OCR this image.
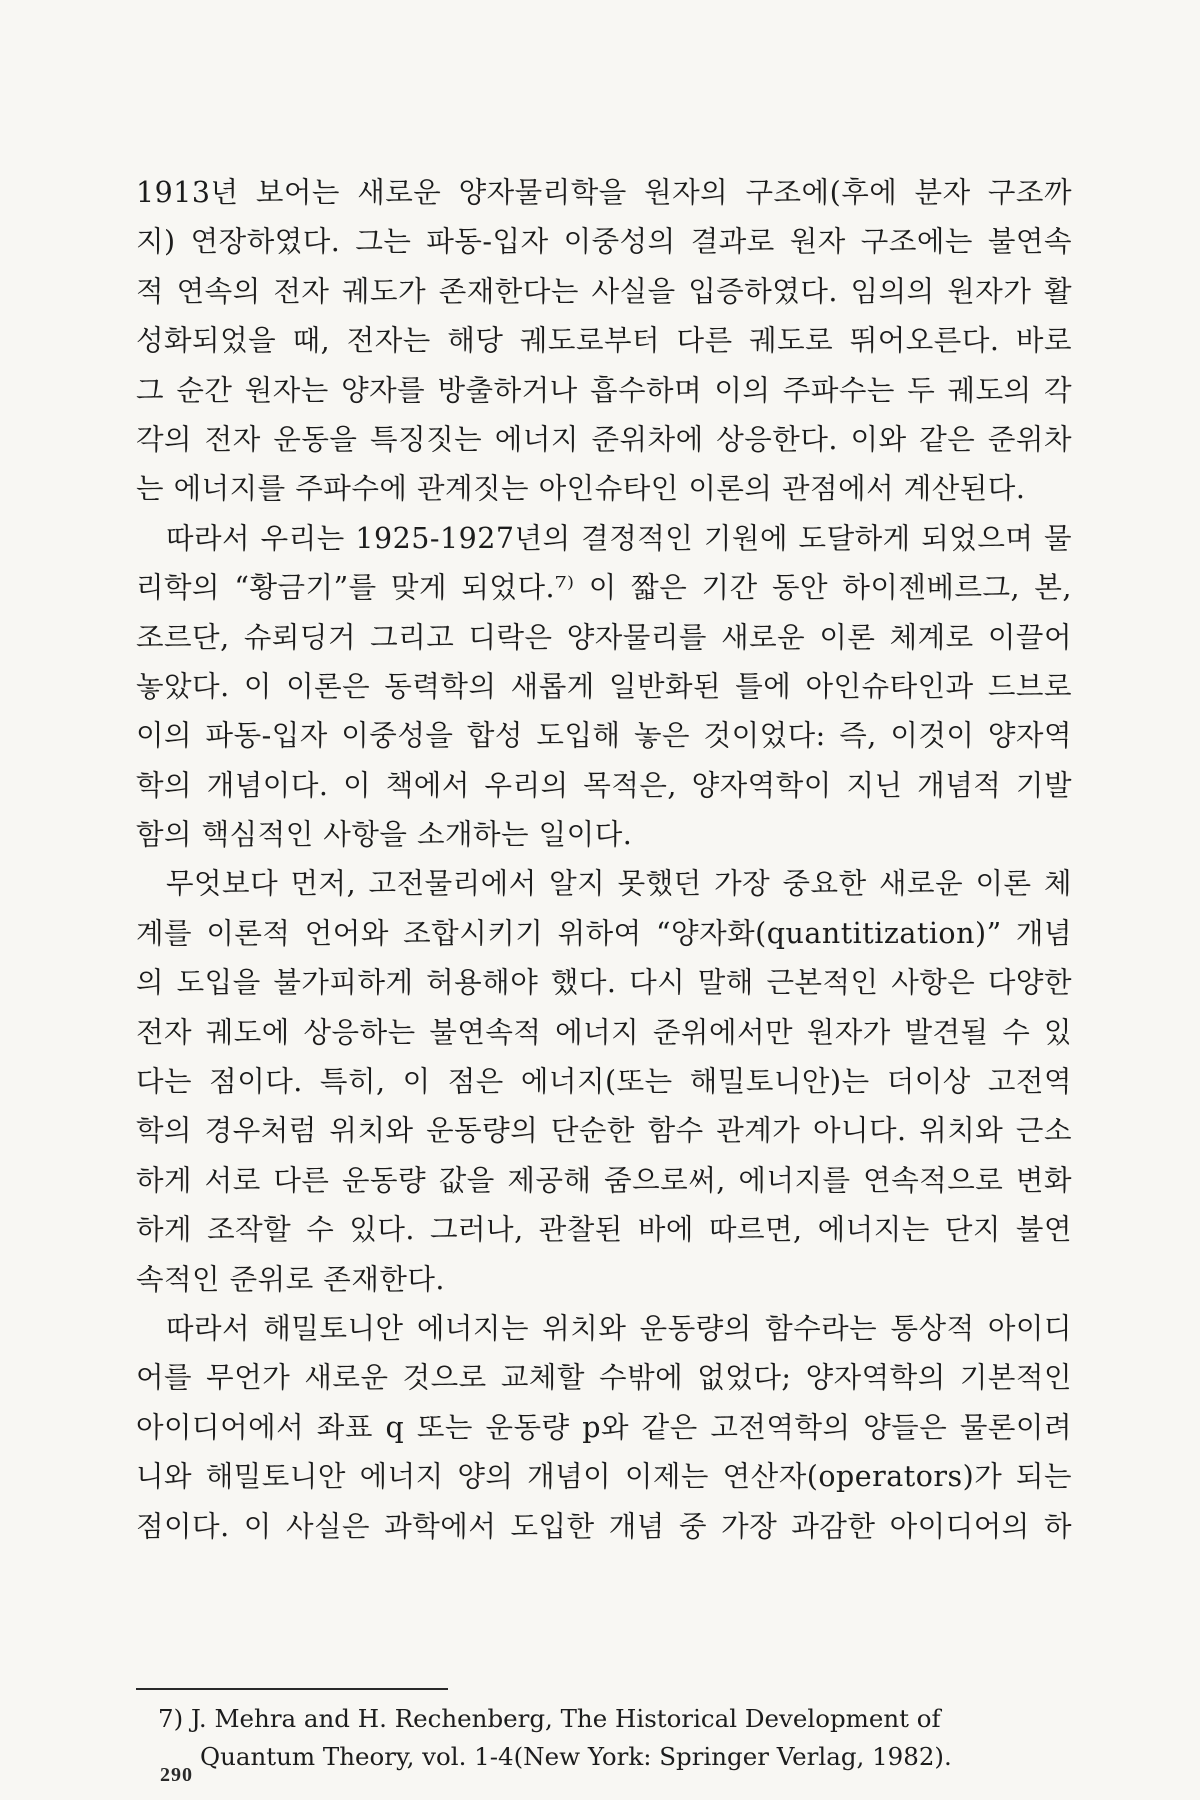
1913년 보어는 새로운 양자물리학을 원자의 구조에(후에 분자 구조까
지) 연장하였다. 그는 파동-입자 이중성의 결과로 원자 구조에는 불연속
적 연속의 전자 궤도가 존재한다는 사실을 입증하였다. 임의의 원자가 활
성화되었을 때, 전자는 해당 궤도로부터 다른 궤도로 뛰어오른다. 바로
그 순간 원자는 양자를 방출하거나 흡수하며 이의 주파수는 두 궤도의 각
각의 전자 운동을 특징짓는 에너지 준위차에 상응한다. 이와 같은 준위차
는 에너지를 주파수에 관계짓는 아인슈타인 이론의 관점에서 계산된다.
따라서 우리는 1925-1927년의 결정적인 기원에 도달하게 되었으며 물
리학의 “황금기”를 맞게 되었다.⁷⁾ 이 짧은 기간 동안 하이젠베르그, 본,
조르단, 슈뢰딩거 그리고 디락은 양자물리를 새로운 이론 체계로 이끌어
놓았다. 이 이론은 동력학의 새롭게 일반화된 틀에 아인슈타인과 드브로
이의 파동-입자 이중성을 합성 도입해 놓은 것이었다: 즉, 이것이 양자역
학의 개념이다. 이 책에서 우리의 목적은, 양자역학이 지닌 개념적 기발
함의 핵심적인 사항을 소개하는 일이다.
무엇보다 먼저, 고전물리에서 알지 못했던 가장 중요한 새로운 이론 체
계를 이론적 언어와 조합시키기 위하여 “양자화(quantitization)” 개념
의 도입을 불가피하게 허용해야 했다. 다시 말해 근본적인 사항은 다양한
전자 궤도에 상응하는 불연속적 에너지 준위에서만 원자가 발견될 수 있
다는 점이다. 특히, 이 점은 에너지(또는 해밀토니안)는 더이상 고전역
학의 경우처럼 위치와 운동량의 단순한 함수 관계가 아니다. 위치와 근소
하게 서로 다른 운동량 값을 제공해 줌으로써, 에너지를 연속적으로 변화
하게 조작할 수 있다. 그러나, 관찰된 바에 따르면, 에너지는 단지 불연
속적인 준위로 존재한다.
따라서 해밀토니안 에너지는 위치와 운동량의 함수라는 통상적 아이디
어를 무언가 새로운 것으로 교체할 수밖에 없었다; 양자역학의 기본적인
아이디어에서 좌표 q 또는 운동량 p와 같은 고전역학의 양들은 물론이려
니와 해밀토니안 에너지 양의 개념이 이제는 연산자(operators)가 되는
점이다. 이 사실은 과학에서 도입한 개념 중 가장 과감한 아이디어의 하
7) J. Mehra and H. Rechenberg, The Historical Development of
Quantum Theory, vol. 1-4(New York: Springer Verlag, 1982).
290
